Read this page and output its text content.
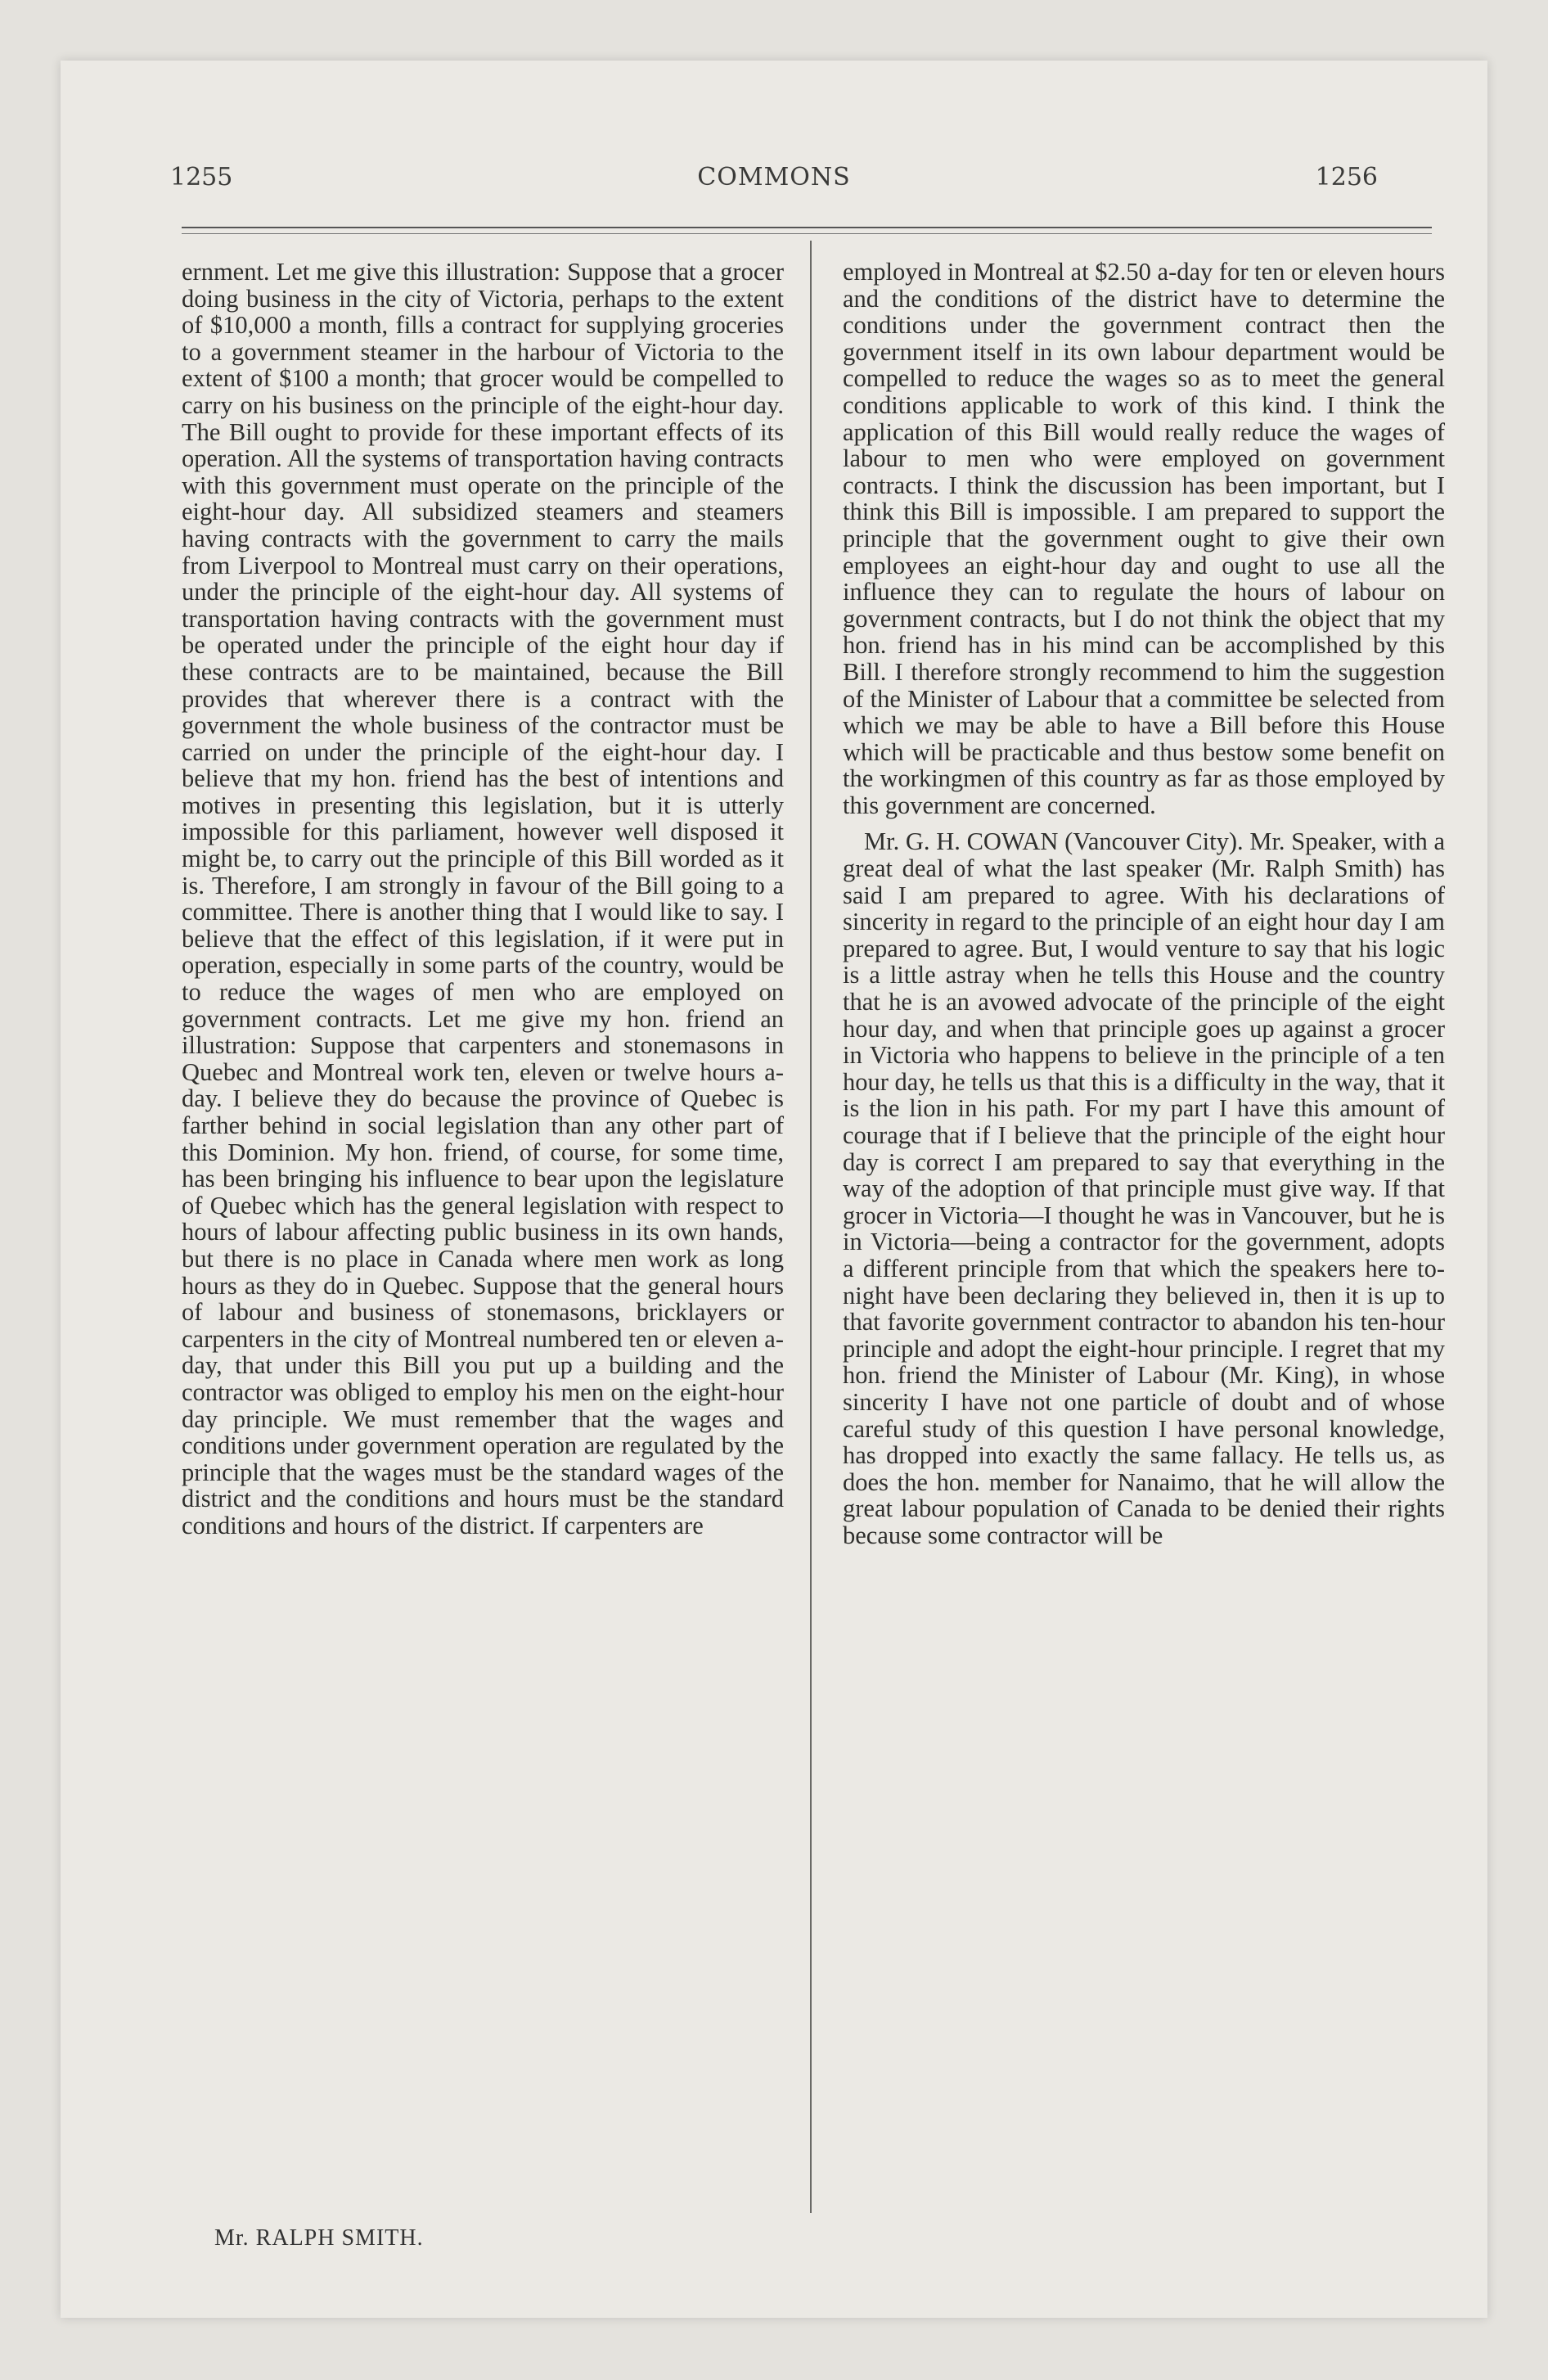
1255	COMMONS	1256

ernment. Let me give this illustration: Suppose that a grocer doing business in the city of Victoria, perhaps to the extent of $10,000 a month, fills a contract for supplying groceries to a government steamer in the harbour of Victoria to the extent of $100 a month; that grocer would be compelled to carry on his business on the principle of the eight-hour day. The Bill ought to provide for these important effects of its operation. All the systems of transportation having contracts with this government must operate on the principle of the eight-hour day. All subsidized steamers and steamers having contracts with the government to carry the mails from Liverpool to Montreal must carry on their operations, under the principle of the eight-hour day. All systems of transportation having contracts with the government must be operated under the principle of the eight hour day if these contracts are to be maintained, because the Bill provides that wherever there is a contract with the government the whole business of the contractor must be carried on under the principle of the eight-hour day. I believe that my hon. friend has the best of intentions and motives in presenting this legislation, but it is utterly impossible for this parliament, however well disposed it might be, to carry out the principle of this Bill worded as it is. Therefore, I am strongly in favour of the Bill going to a committee. There is another thing that I would like to say. I believe that the effect of this legislation, if it were put in operation, especially in some parts of the country, would be to reduce the wages of men who are employed on government contracts. Let me give my hon. friend an illustration: Suppose that carpenters and stonemasons in Quebec and Montreal work ten, eleven or twelve hours a-day. I believe they do because the province of Quebec is farther behind in social legislation than any other part of this Dominion. My hon. friend, of course, for some time, has been bringing his influence to bear upon the legislature of Quebec which has the general legislation with respect to hours of labour affecting public business in its own hands, but there is no place in Canada where men work as long hours as they do in Quebec. Suppose that the general hours of labour and business of stonemasons, bricklayers or carpenters in the city of Montreal numbered ten or eleven a-day, that under this Bill you put up a building and the contractor was obliged to employ his men on the eight-hour day principle. We must remember that the wages and conditions under government operation are regulated by the principle that the wages must be the standard wages of the district and the conditions and hours must be the standard conditions and hours of the district. If carpenters are

employed in Montreal at $2.50 a-day for ten or eleven hours and the conditions of the district have to determine the conditions under the government contract then the government itself in its own labour department would be compelled to reduce the wages so as to meet the general conditions applicable to work of this kind. I think the application of this Bill would really reduce the wages of labour to men who were employed on government contracts. I think the discussion has been important, but I think this Bill is impossible. I am prepared to support the principle that the government ought to give their own employees an eight-hour day and ought to use all the influence they can to regulate the hours of labour on government contracts, but I do not think the object that my hon. friend has in his mind can be accomplished by this Bill. I therefore strongly recommend to him the suggestion of the Minister of Labour that a committee be selected from which we may be able to have a Bill before this House which will be practicable and thus bestow some benefit on the workingmen of this country as far as those employed by this government are concerned.

Mr. G. H. COWAN (Vancouver City). Mr. Speaker, with a great deal of what the last speaker (Mr. Ralph Smith) has said I am prepared to agree. With his declarations of sincerity in regard to the principle of an eight hour day I am prepared to agree. But, I would venture to say that his logic is a little astray when he tells this House and the country that he is an avowed advocate of the principle of the eight hour day, and when that principle goes up against a grocer in Victoria who happens to believe in the principle of a ten hour day, he tells us that this is a difficulty in the way, that it is the lion in his path. For my part I have this amount of courage that if I believe that the principle of the eight hour day is correct I am prepared to say that everything in the way of the adoption of that principle must give way. If that grocer in Victoria—I thought he was in Vancouver, but he is in Victoria—being a contractor for the government, adopts a different principle from that which the speakers here to-night have been declaring they believed in, then it is up to that favorite government contractor to abandon his ten-hour principle and adopt the eight-hour principle. I regret that my hon. friend the Minister of Labour (Mr. King), in whose sincerity I have not one particle of doubt and of whose careful study of this question I have personal knowledge, has dropped into exactly the same fallacy. He tells us, as does the hon. member for Nanaimo, that he will allow the great labour population of Canada to be denied their rights because some contractor will be

Mr. RALPH SMITH.
